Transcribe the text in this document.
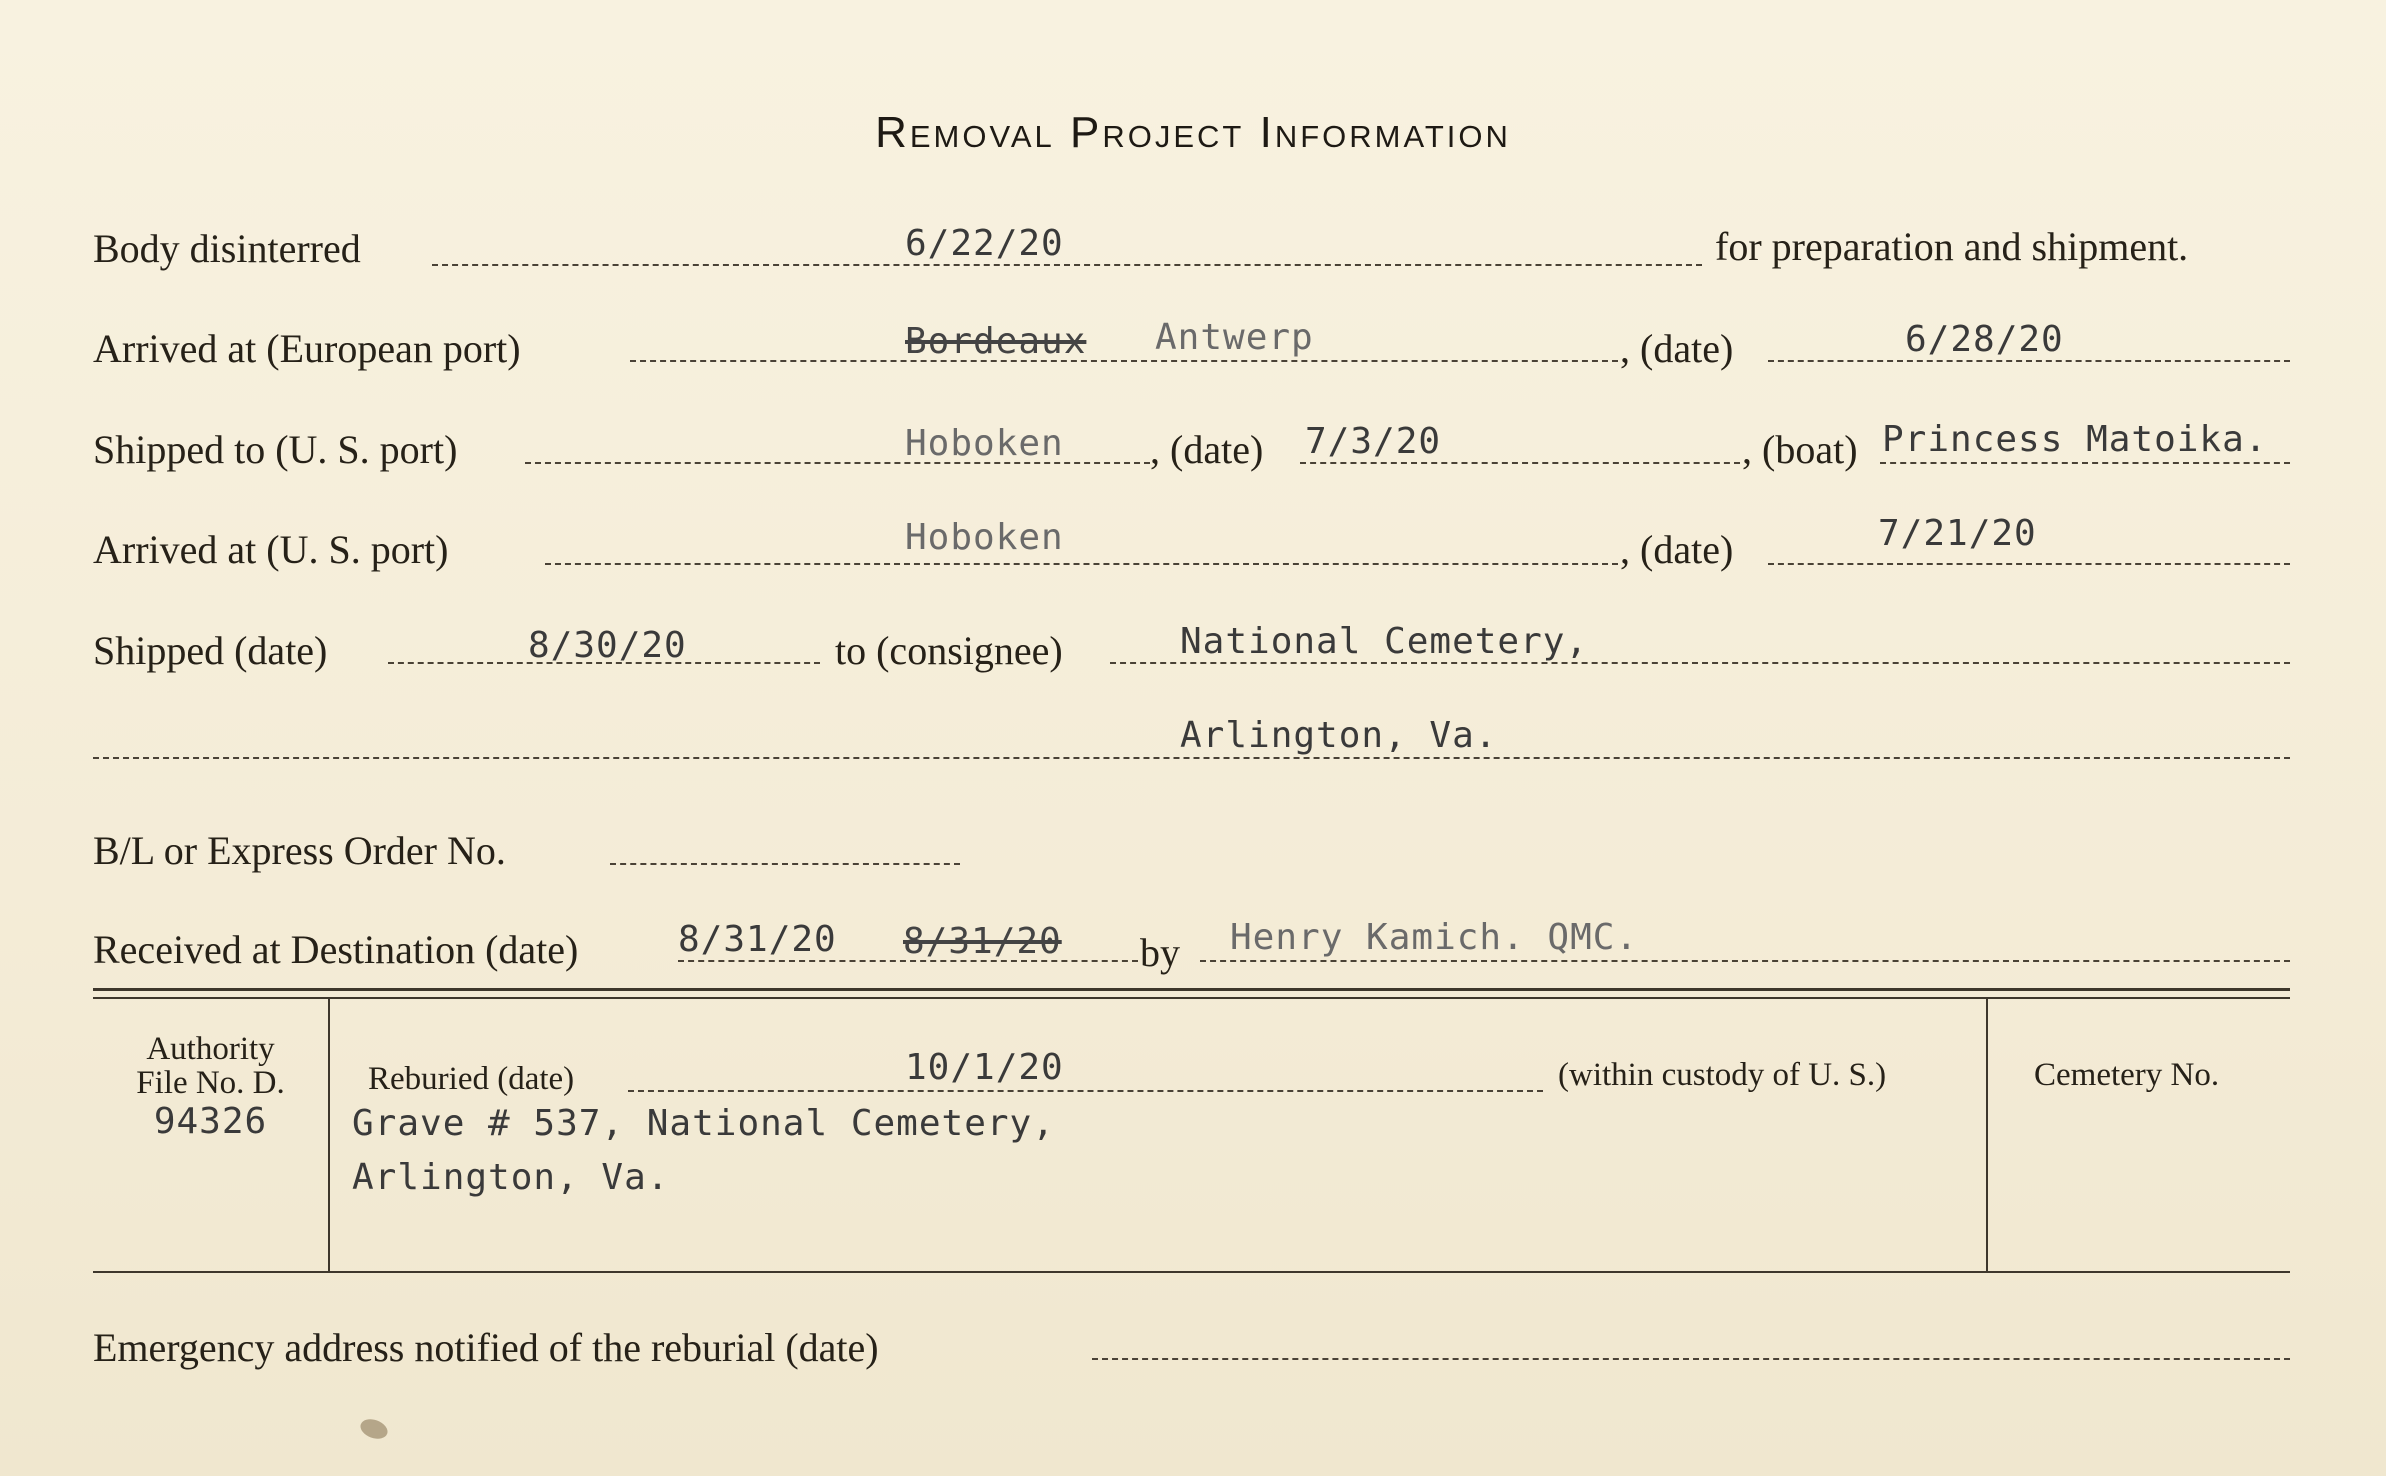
Removal Project Information
Body disinterred	6/22/20	for preparation and shipment.
Arrived at (European port)	Bordeaux Antwerp	, (date)	6/28/20
Shipped to (U. S. port)	Hoboken , (date) 7/3/20	, (boat) Princess Matoika.
Arrived at (U. S. port)	Hoboken	, (date)	7/21/20
Shipped (date)	8/30/20	to (consignee)	National Cemetery,
Arlington, Va.
B/L or Express Order No.
Received at Destination (date)	8/31/20 8/31/20 by Henry Kamich. QMC.
Authority
File No. D.
94326
Reburied (date)	10/1/20	(within custody of U. S.)	Cemetery No.
Grave # 537, National Cemetery,
Arlington, Va.
Emergency address notified of the reburial (date)
